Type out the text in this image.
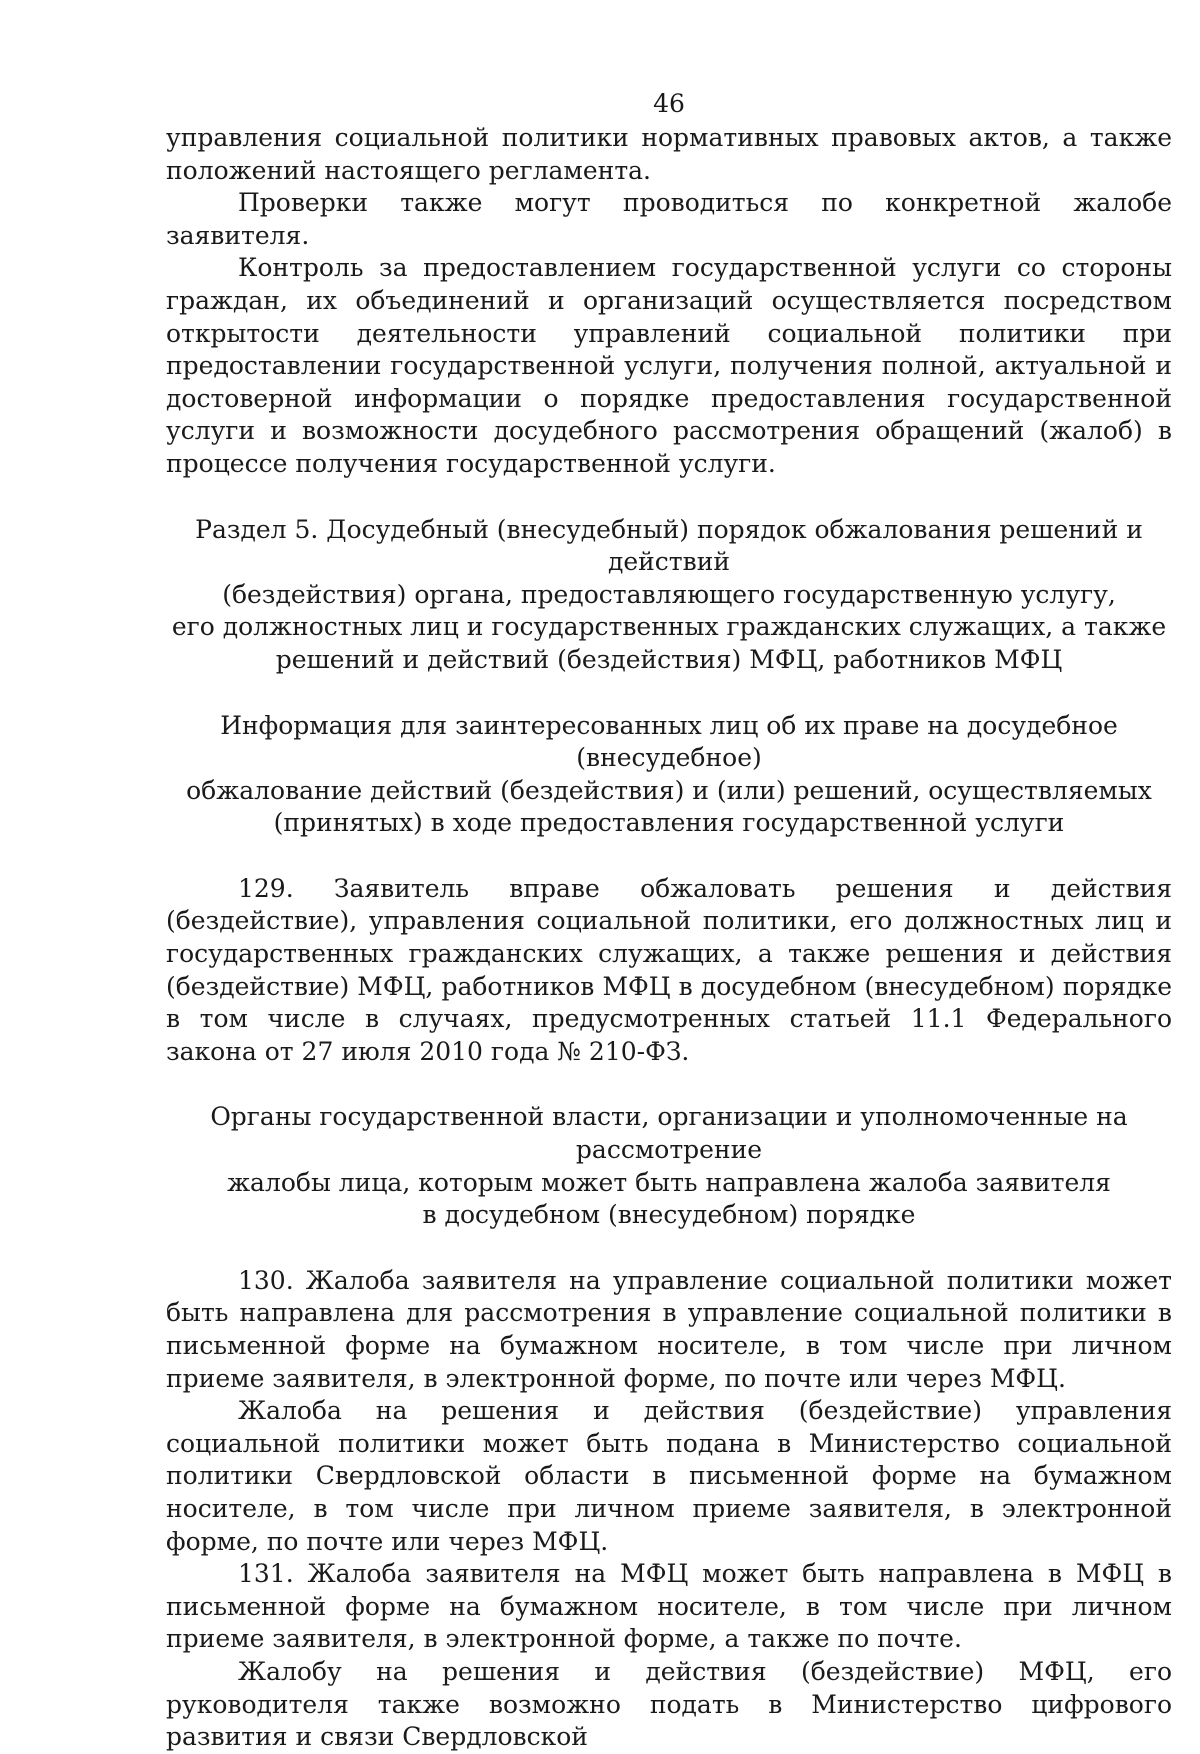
46

управления социальной политики нормативных правовых актов, а также положений настоящего регламента.

Проверки также могут проводиться по конкретной жалобе заявителя.

Контроль за предоставлением государственной услуги со стороны граждан, их объединений и организаций осуществляется посредством открытости деятельности управлений социальной политики при предоставлении государственной услуги, получения полной, актуальной и достоверной информации о порядке предоставления государственной услуги и возможности досудебного рассмотрения обращений (жалоб) в процессе получения государственной услуги.

Раздел 5. Досудебный (внесудебный) порядок обжалования решений и действий
(бездействия) органа, предоставляющего государственную услугу,
его должностных лиц и государственных гражданских служащих, а также
решений и действий (бездействия) МФЦ, работников МФЦ
Информация для заинтересованных лиц об их праве на досудебное (внесудебное)
обжалование действий (бездействия) и (или) решений, осуществляемых
(принятых) в ходе предоставления государственной услуги

129. Заявитель вправе обжаловать решения и действия (бездействие), управления социальной политики, его должностных лиц и государственных гражданских служащих, а также решения и действия (бездействие) МФЦ, работников МФЦ в досудебном (внесудебном) порядке в том числе в случаях, предусмотренных статьей 11.1 Федерального закона от 27 июля 2010 года № 210-ФЗ.

Органы государственной власти, организации и уполномоченные на рассмотрение
жалобы лица, которым может быть направлена жалоба заявителя
в досудебном (внесудебном) порядке

130. Жалоба заявителя на управление социальной политики может быть направлена для рассмотрения в управление социальной политики в письменной форме на бумажном носителе, в том числе при личном приеме заявителя, в электронной форме, по почте или через МФЦ.

Жалоба на решения и действия (бездействие) управления социальной политики может быть подана в Министерство социальной политики Свердловской области в письменной форме на бумажном носителе, в том числе при личном приеме заявителя, в электронной форме, по почте или через МФЦ.

131. Жалоба заявителя на МФЦ может быть направлена в МФЦ в письменной форме на бумажном носителе, в том числе при личном приеме заявителя, в электронной форме, а также по почте.

Жалобу на решения и действия (бездействие) МФЦ, его руководителя также возможно подать в Министерство цифрового развития и связи Свердловской
